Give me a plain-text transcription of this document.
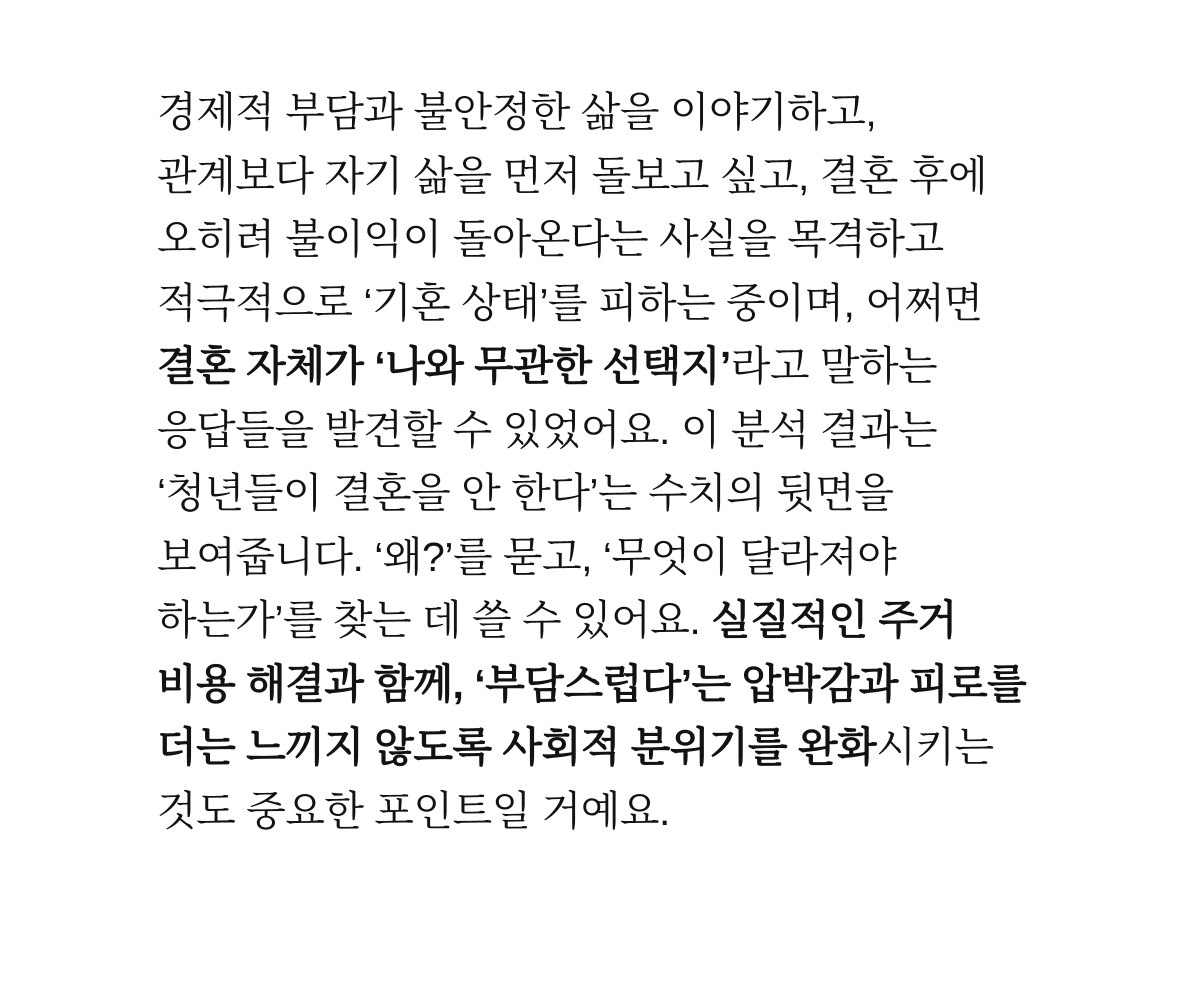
경제적 부담과 불안정한 삶을 이야기하고, 관계보다 자기 삶을 먼저 돌보고 싶고, 결혼 후에 오히려 불이익이 돌아온다는 사실을 목격하고 적극적으로 ‘기혼 상태’를 피하는 중이며, 어쩌면 결혼 자체가 ‘나와 무관한 선택지’라고 말하는 응답들을 발견할 수 있었어요. 이 분석 결과는 ‘청년들이 결혼을 안 한다’는 수치의 뒷면을 보여줍니다. ‘왜?’를 묻고, ‘무엇이 달라져야 하는가’를 찾는 데 쓸 수 있어요. 실질적인 주거 비용 해결과 함께, ‘부담스럽다’는 압박감과 피로를 더는 느끼지 않도록 사회적 분위기를 완화시키는 것도 중요한 포인트일 거예요.
